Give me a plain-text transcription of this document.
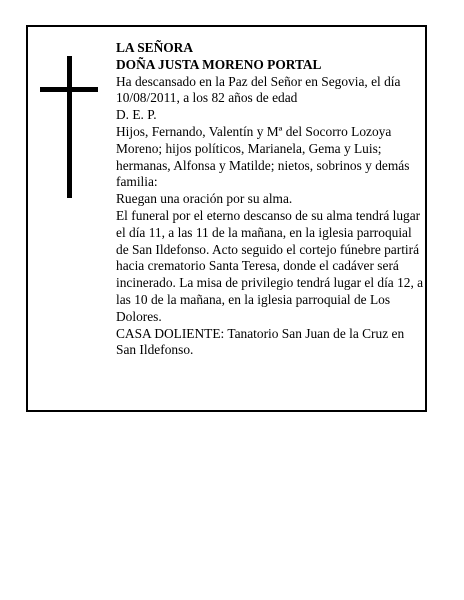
LA SEÑORA

DOÑA JUSTA MORENO PORTAL

Ha descansado en la Paz del Señor en Segovia, el día 10/08/2011, a los 82 años de edad

D. E. P.

Hijos, Fernando, Valentín y Mª del Socorro Lozoya Moreno; hijos políticos, Marianela, Gema y Luis; hermanas, Alfonsa y Matilde; nietos, sobrinos y demás familia:

Ruegan una oración por su alma.

El funeral por el eterno descanso de su alma tendrá lugar el día 11, a las 11 de la mañana, en la iglesia parroquial de San Ildefonso. Acto seguido el cortejo fúnebre partirá hacia crematorio Santa Teresa, donde el cadáver será incinerado. La misa de privilegio tendrá lugar el día 12, a las 10 de la mañana, en la iglesia parroquial de Los Dolores.

CASA DOLIENTE: Tanatorio San Juan de la Cruz en San Ildefonso.
